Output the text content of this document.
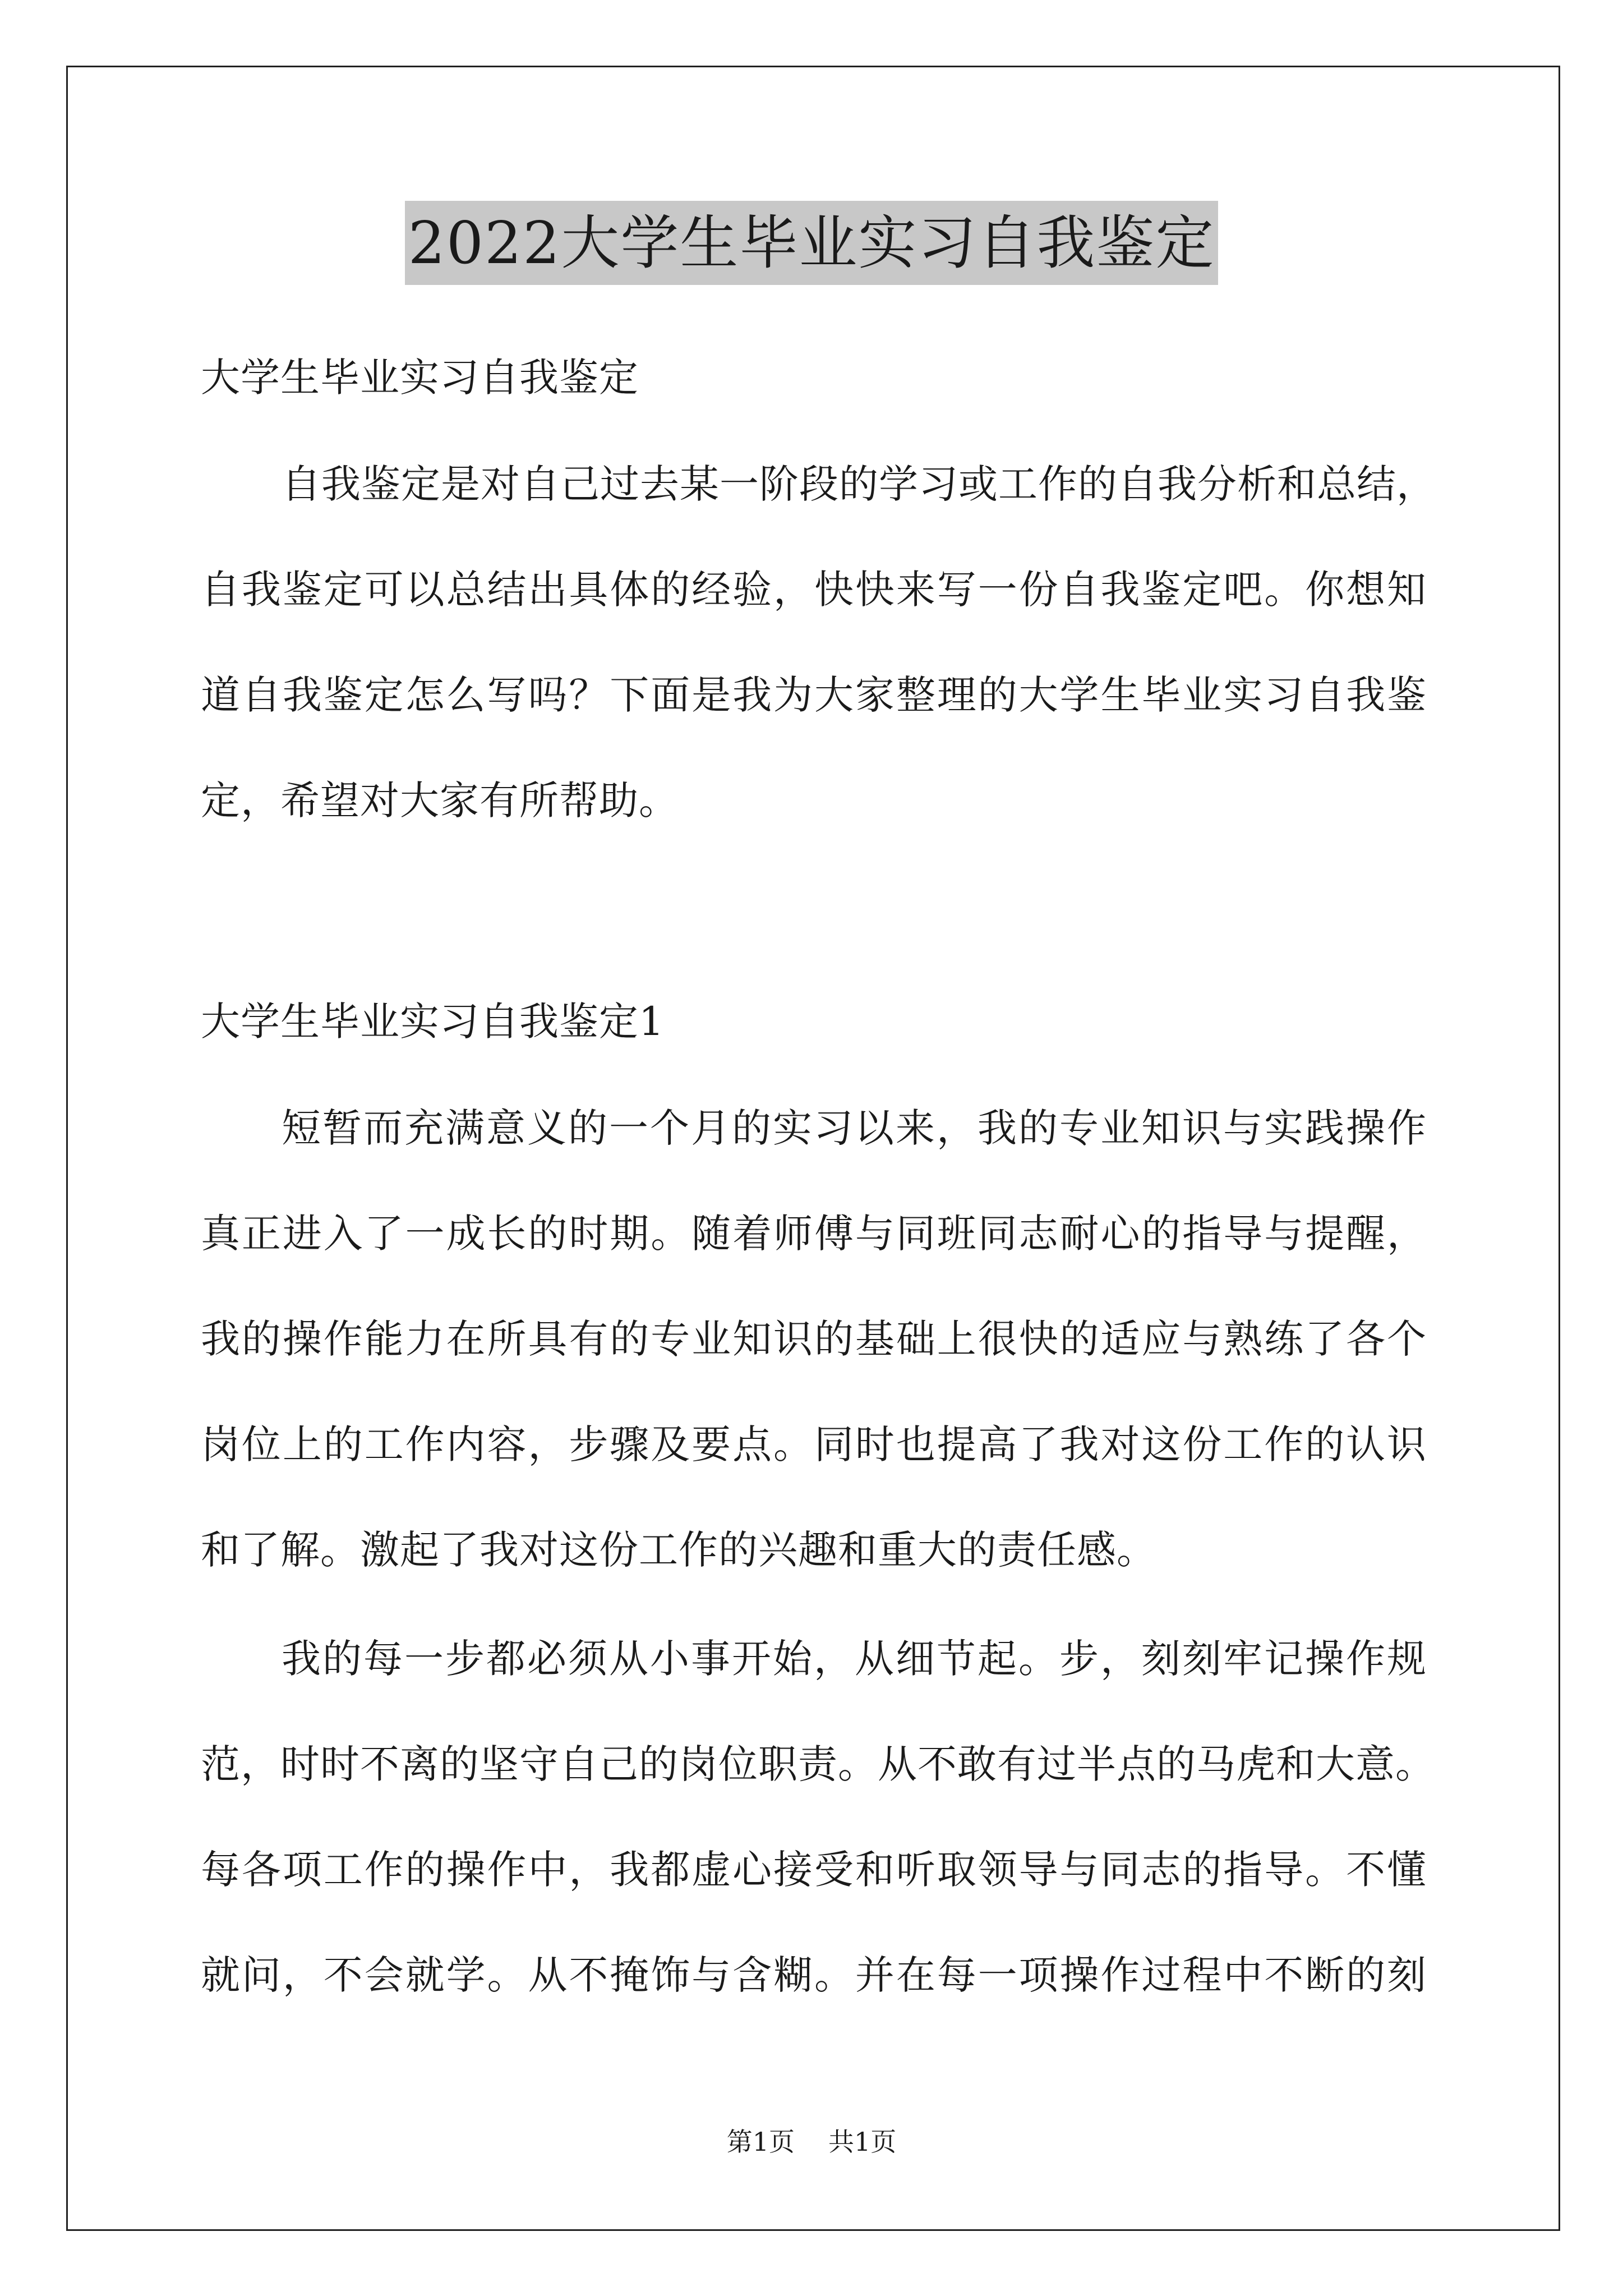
2022大学生毕业实习自我鉴定
大学生毕业实习自我鉴定
自我鉴定是对自己过去某一阶段的学习或工作的自我分析和总结，
自我鉴定可以总结出具体的经验，快快来写一份自我鉴定吧。你想知
道自我鉴定怎么写吗？下面是我为大家整理的大学生毕业实习自我鉴
定，希望对大家有所帮助。
大学生毕业实习自我鉴定1
短暂而充满意义的一个月的实习以来，我的专业知识与实践操作
真正进入了一成长的时期。随着师傅与同班同志耐心的指导与提醒，
我的操作能力在所具有的专业知识的基础上很快的适应与熟练了各个
岗位上的工作内容，步骤及要点。同时也提高了我对这份工作的认识
和了解。激起了我对这份工作的兴趣和重大的责任感。
我的每一步都必须从小事开始，从细节起。步，刻刻牢记操作规
范，时时不离的坚守自己的岗位职责。从不敢有过半点的马虎和大意。
每各项工作的操作中，我都虚心接受和听取领导与同志的指导。不懂
就问，不会就学。从不掩饰与含糊。并在每一项操作过程中不断的刻
第1页 共1页
